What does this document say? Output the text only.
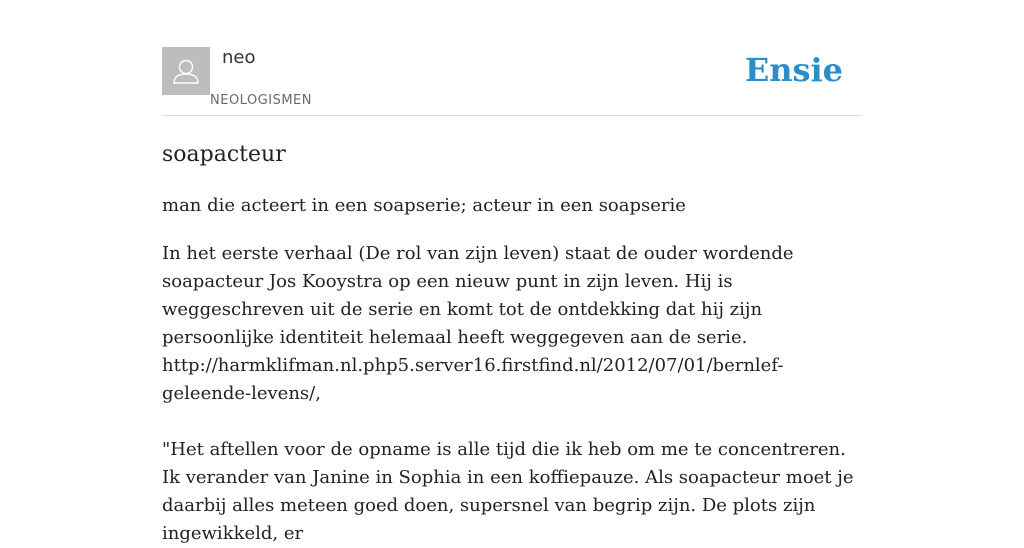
neo
NEOLOGISMEN
Ensie
soapacteur

man die acteert in een soapserie; acteur in een soapserie

In het eerste verhaal (De rol van zijn leven) staat de ouder wordende soapacteur Jos Kooystra op een nieuw punt in zijn leven. Hij is weggeschreven uit de serie en komt tot de ontdekking dat hij zijn persoonlijke identiteit helemaal heeft weggegeven aan de serie.
http://harmklifman.nl.php5.server16.firstfind.nl/2012/07/01/bernlef-geleende-levens/,

"Het aftellen voor de opname is alle tijd die ik heb om me te concentreren. Ik verander van Janine in Sophia in een koffiepauze. Als soapacteur moet je daarbij alles meteen goed doen, supersnel van begrip zijn. De plots zijn ingewikkeld, er
